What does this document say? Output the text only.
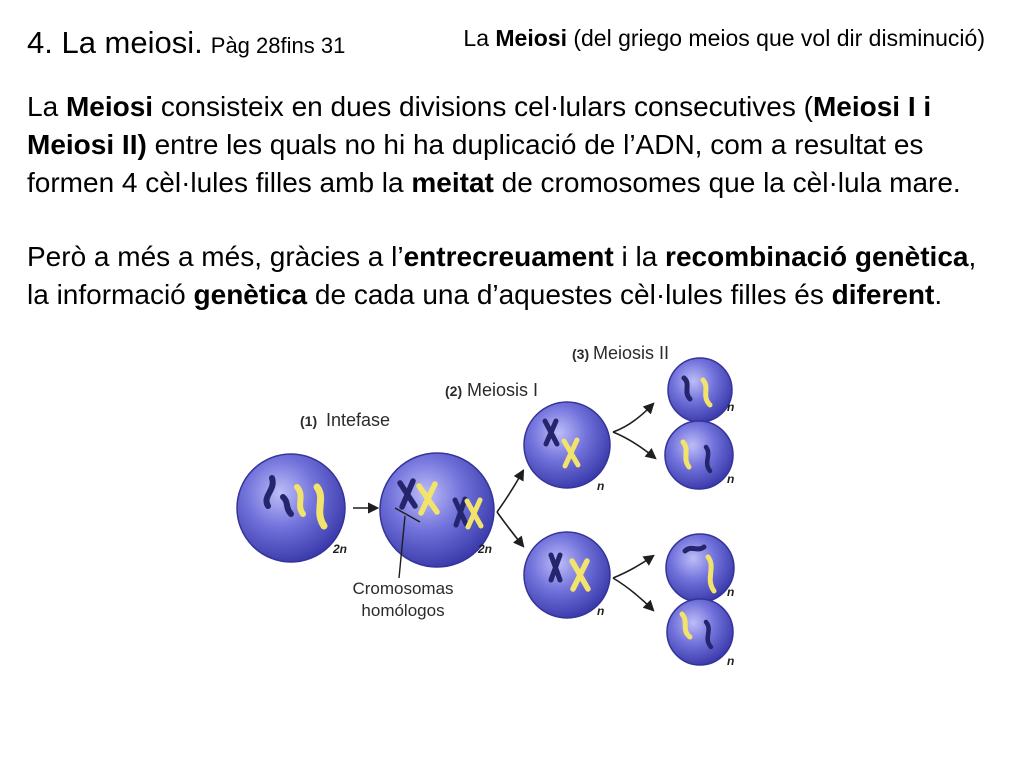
4. La meiosi. Pàg 28fins 31	La Meiosi (del griego meios que vol dir disminució)
La Meiosi consisteix en dues divisions cel·lulars consecutives (Meiosi I i
Meiosi II) entre les quals no hi ha duplicació de l’ADN, com a resultat es
formen 4 cèl·lules filles amb la meitat de cromosomes que la cèl·lula mare.
Però a més a més, gràcies a l’entrecreuament i la recombinació genètica,
la informació genètica de cada una d’aquestes cèl·lules filles és diferent.
(1) Intefase
(2) Meiosis I
(3) Meiosis II
Cromosomas
homólogos
2n	2n
n
n
n
n
n
n
